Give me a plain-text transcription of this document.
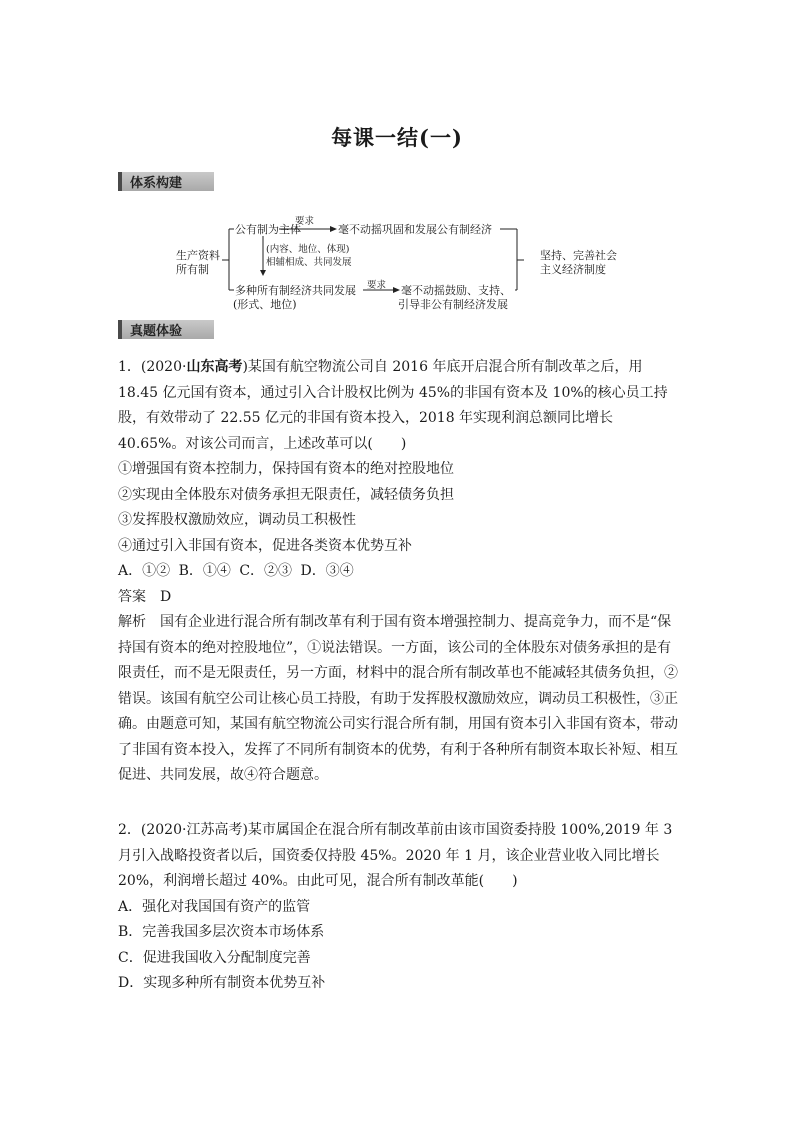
每课一结(一)
体系构建
生产资料
所有制
公有制为主体
要求
毫不动摇巩固和发展公有制经济
(内容、地位、体现)
相辅相成、共同发展
多种所有制经济共同发展
(形式、地位)
要求 毫不动摇鼓励、支持、
引导非公有制经济发展
坚持、完善社会
主义经济制度
真题体验

1．(2020·山东高考)某国有航空物流公司自 2016 年底开启混合所有制改革之后，用 18.45 亿元国有资本，通过引入合计股权比例为 45%的非国有资本及 10%的核心员工持股，有效带动了 22.55 亿元的非国有资本投入，2018 年实现利润总额同比增长 40.65%。对该公司而言，上述改革可以(　　)

①增强国有资本控制力，保持国有资本的绝对控股地位

②实现由全体股东对债务承担无限责任，减轻债务负担

③发挥股权激励效应，调动员工积极性

④通过引入非国有资本，促进各类资本优势互补

A．①② B．①④ C．②③ D．③④

答案　 D

解析　 国有企业进行混合所有制改革有利于国有资本增强控制力、提高竞争力，而不是“保持国有资本的绝对控股地位”，①说法错误。一方面，该公司的全体股东对债务承担的是有限责任，而不是无限责任，另一方面，材料中的混合所有制改革也不能减轻其债务负担，②错误。该国有航空公司让核心员工持股，有助于发挥股权激励效应，调动员工积极性，③正确。由题意可知，某国有航空物流公司实行混合所有制，用国有资本引入非国有资本，带动了非国有资本投入，发挥了不同所有制资本的优势，有利于各种所有制资本取长补短、相互促进、共同发展，故④符合题意。

2．(2020·江苏高考)某市属国企在混合所有制改革前由该市国资委持股 100%,2019 年 3 月引入战略投资者以后，国资委仅持股 45%。2020 年 1 月，该企业营业收入同比增长 20%，利润增长超过 40%。由此可见，混合所有制改革能(　　)

A．强化对我国国有资产的监管

B．完善我国多层次资本市场体系

C．促进我国收入分配制度完善

D．实现多种所有制资本优势互补
